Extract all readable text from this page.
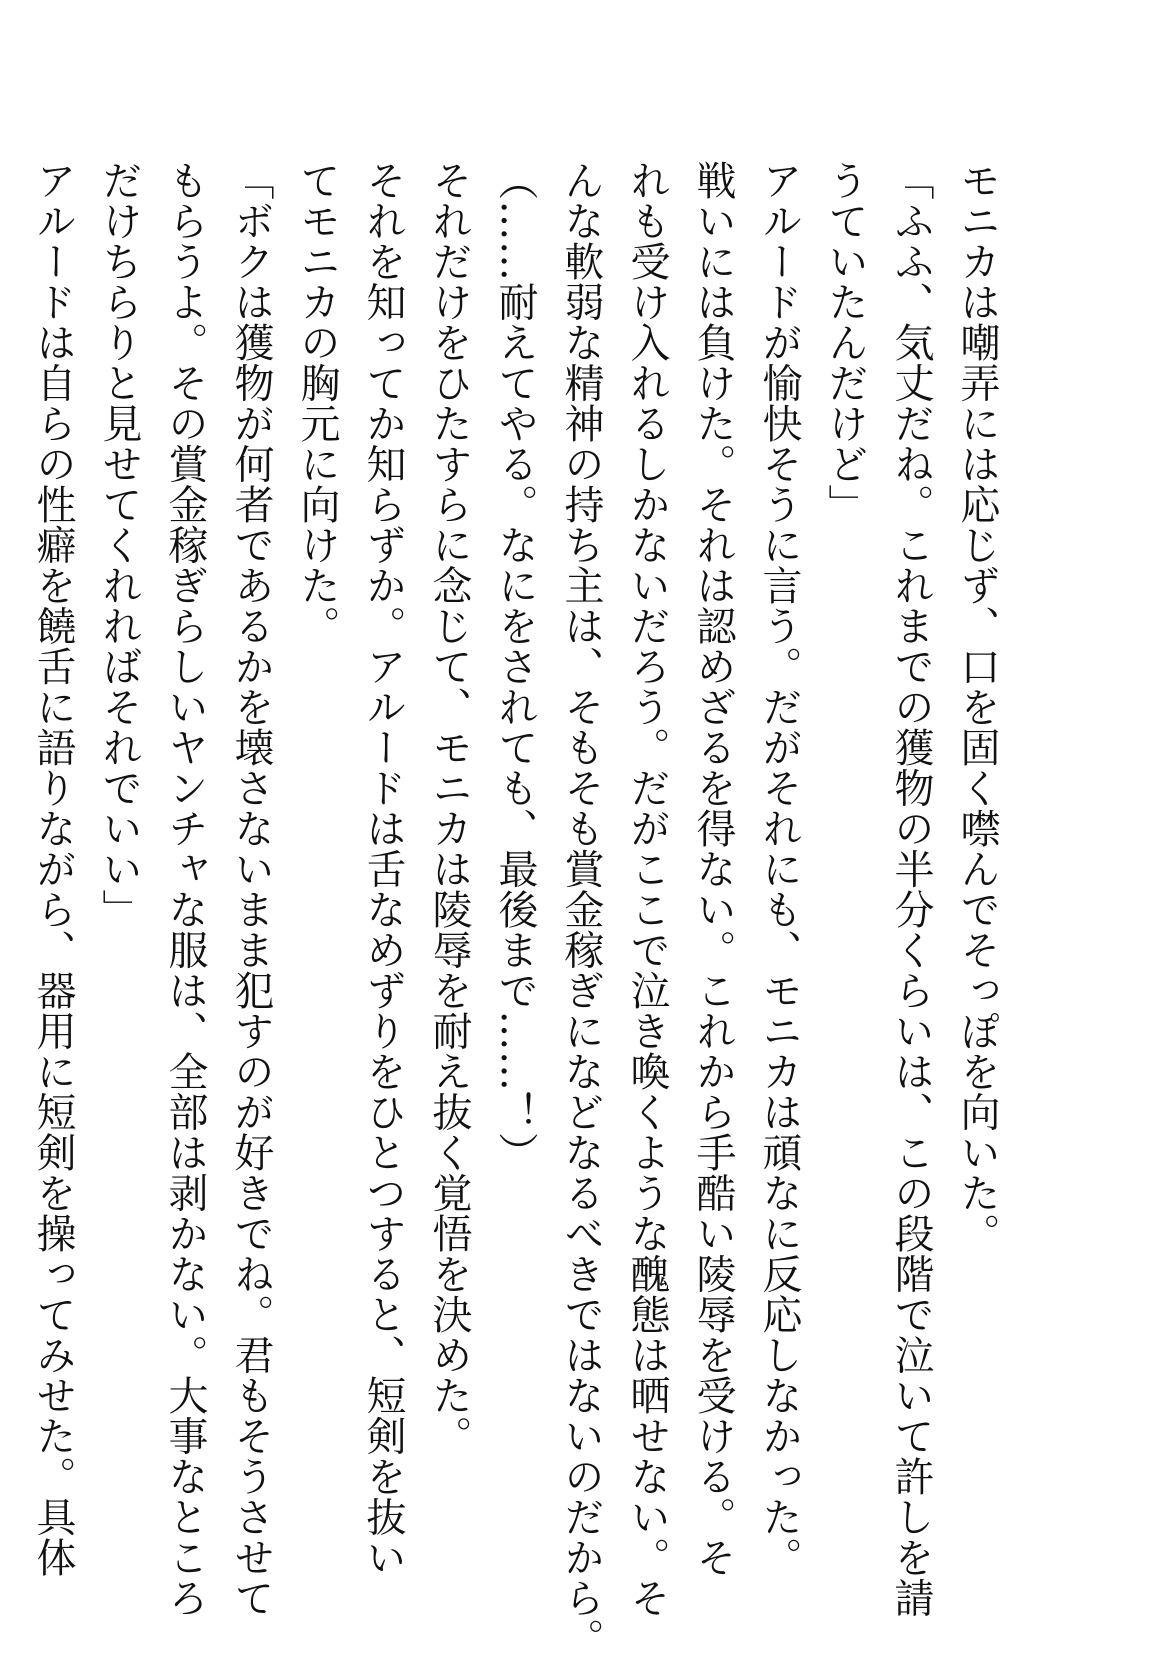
モニカは嘲弄には応じず、口を固く噤んでそっぽを向いた。
「ふふ、気丈だね。これまでの獲物の半分くらいは、この段階で泣いて許しを請
うていたんだけど」
アルードが愉快そうに言う。だがそれにも、モニカは頑なに反応しなかった。
戦いには負けた。それは認めざるを得ない。これから手酷い陵辱を受ける。そ
れも受け入れるしかないだろう。だがここで泣き喚くような醜態は晒せない。そ
んな軟弱な精神の持ち主は、そもそも賞金稼ぎになどなるべきではないのだから。
（……耐えてやる。なにをされても、最後まで……！）
それだけをひたすらに念じて、モニカは陵辱を耐え抜く覚悟を決めた。
それを知ってか知らずか。アルードは舌なめずりをひとつすると、短剣を抜い
てモニカの胸元に向けた。
「ボクは獲物が何者であるかを壊さないまま犯すのが好きでね。君もそうさせて
もらうよ。その賞金稼ぎらしいヤンチャな服は、全部は剥かない。大事なところ
だけちらりと見せてくれればそれでいい」
アルードは自らの性癖を饒舌に語りながら、器用に短剣を操ってみせた。具体
